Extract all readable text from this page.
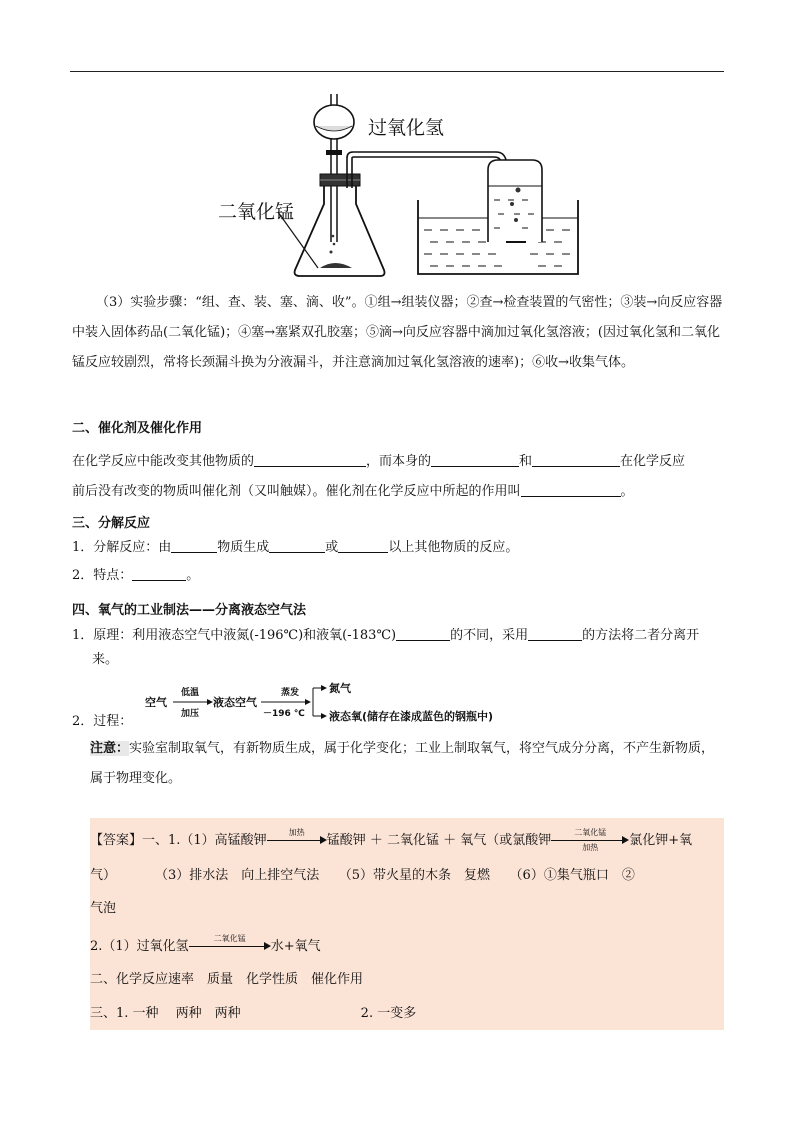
过氧化氢
二氧化锰

（3）实验步骤：“组、查、装、塞、滴、收”。①组→组装仪器；②查→检查装置的气密性；③装→向反应容器中装入固体药品(二氧化锰)；④塞→塞紧双孔胶塞；⑤滴→向反应容器中滴加过氧化氢溶液；(因过氧化氢和二氧化锰反应较剧烈，常将长颈漏斗换为分液漏斗，并注意滴加过氧化氢溶液的速率)；⑥收→收集气体。

二、催化剂及催化作用

在化学反应中能改变其他物质的	，而本身的	和	在化学反应
前后没有改变的物质叫催化剂（又叫触媒）。催化剂在化学反应中所起的作用叫	。

三、分解反应
1．分解反应：由	物质生成	或	以上其他物质的反应。
2．特点：	。
四、氧气的工业制法——分离液态空气法
1．原理：利用液态空气中液氮(-196℃)和液氧(-183℃)	的不同，采用	的方法将二者分离开
来。
空气
低温
加压
液态空气
蒸发
－196 ℃
氮气
液态氧(储存在漆成蓝色的钢瓶中)
2．过程：

注意：实验室制取氧气，有新物质生成，属于化学变化；工业上制取氧气，将空气成分分离，不产生新物质，属于物理变化。

【答案】一、1.（1）高锰酸钾
加热
锰酸钾 ＋ 二氧化锰 ＋ 氧气（或氯酸钾
二氧化锰
加热	氯化钾+氧
气）　　　　（3）排水法　向上排空气法　　（5）带火星的木条　复燃　　（6）①集气瓶口　②
气泡
2.（1）过氧化氢
二氧化锰
水+氧气
二、化学反应速率　质量　化学性质　催化作用
三、1. 一种　 两种　两种	2. 一变多
